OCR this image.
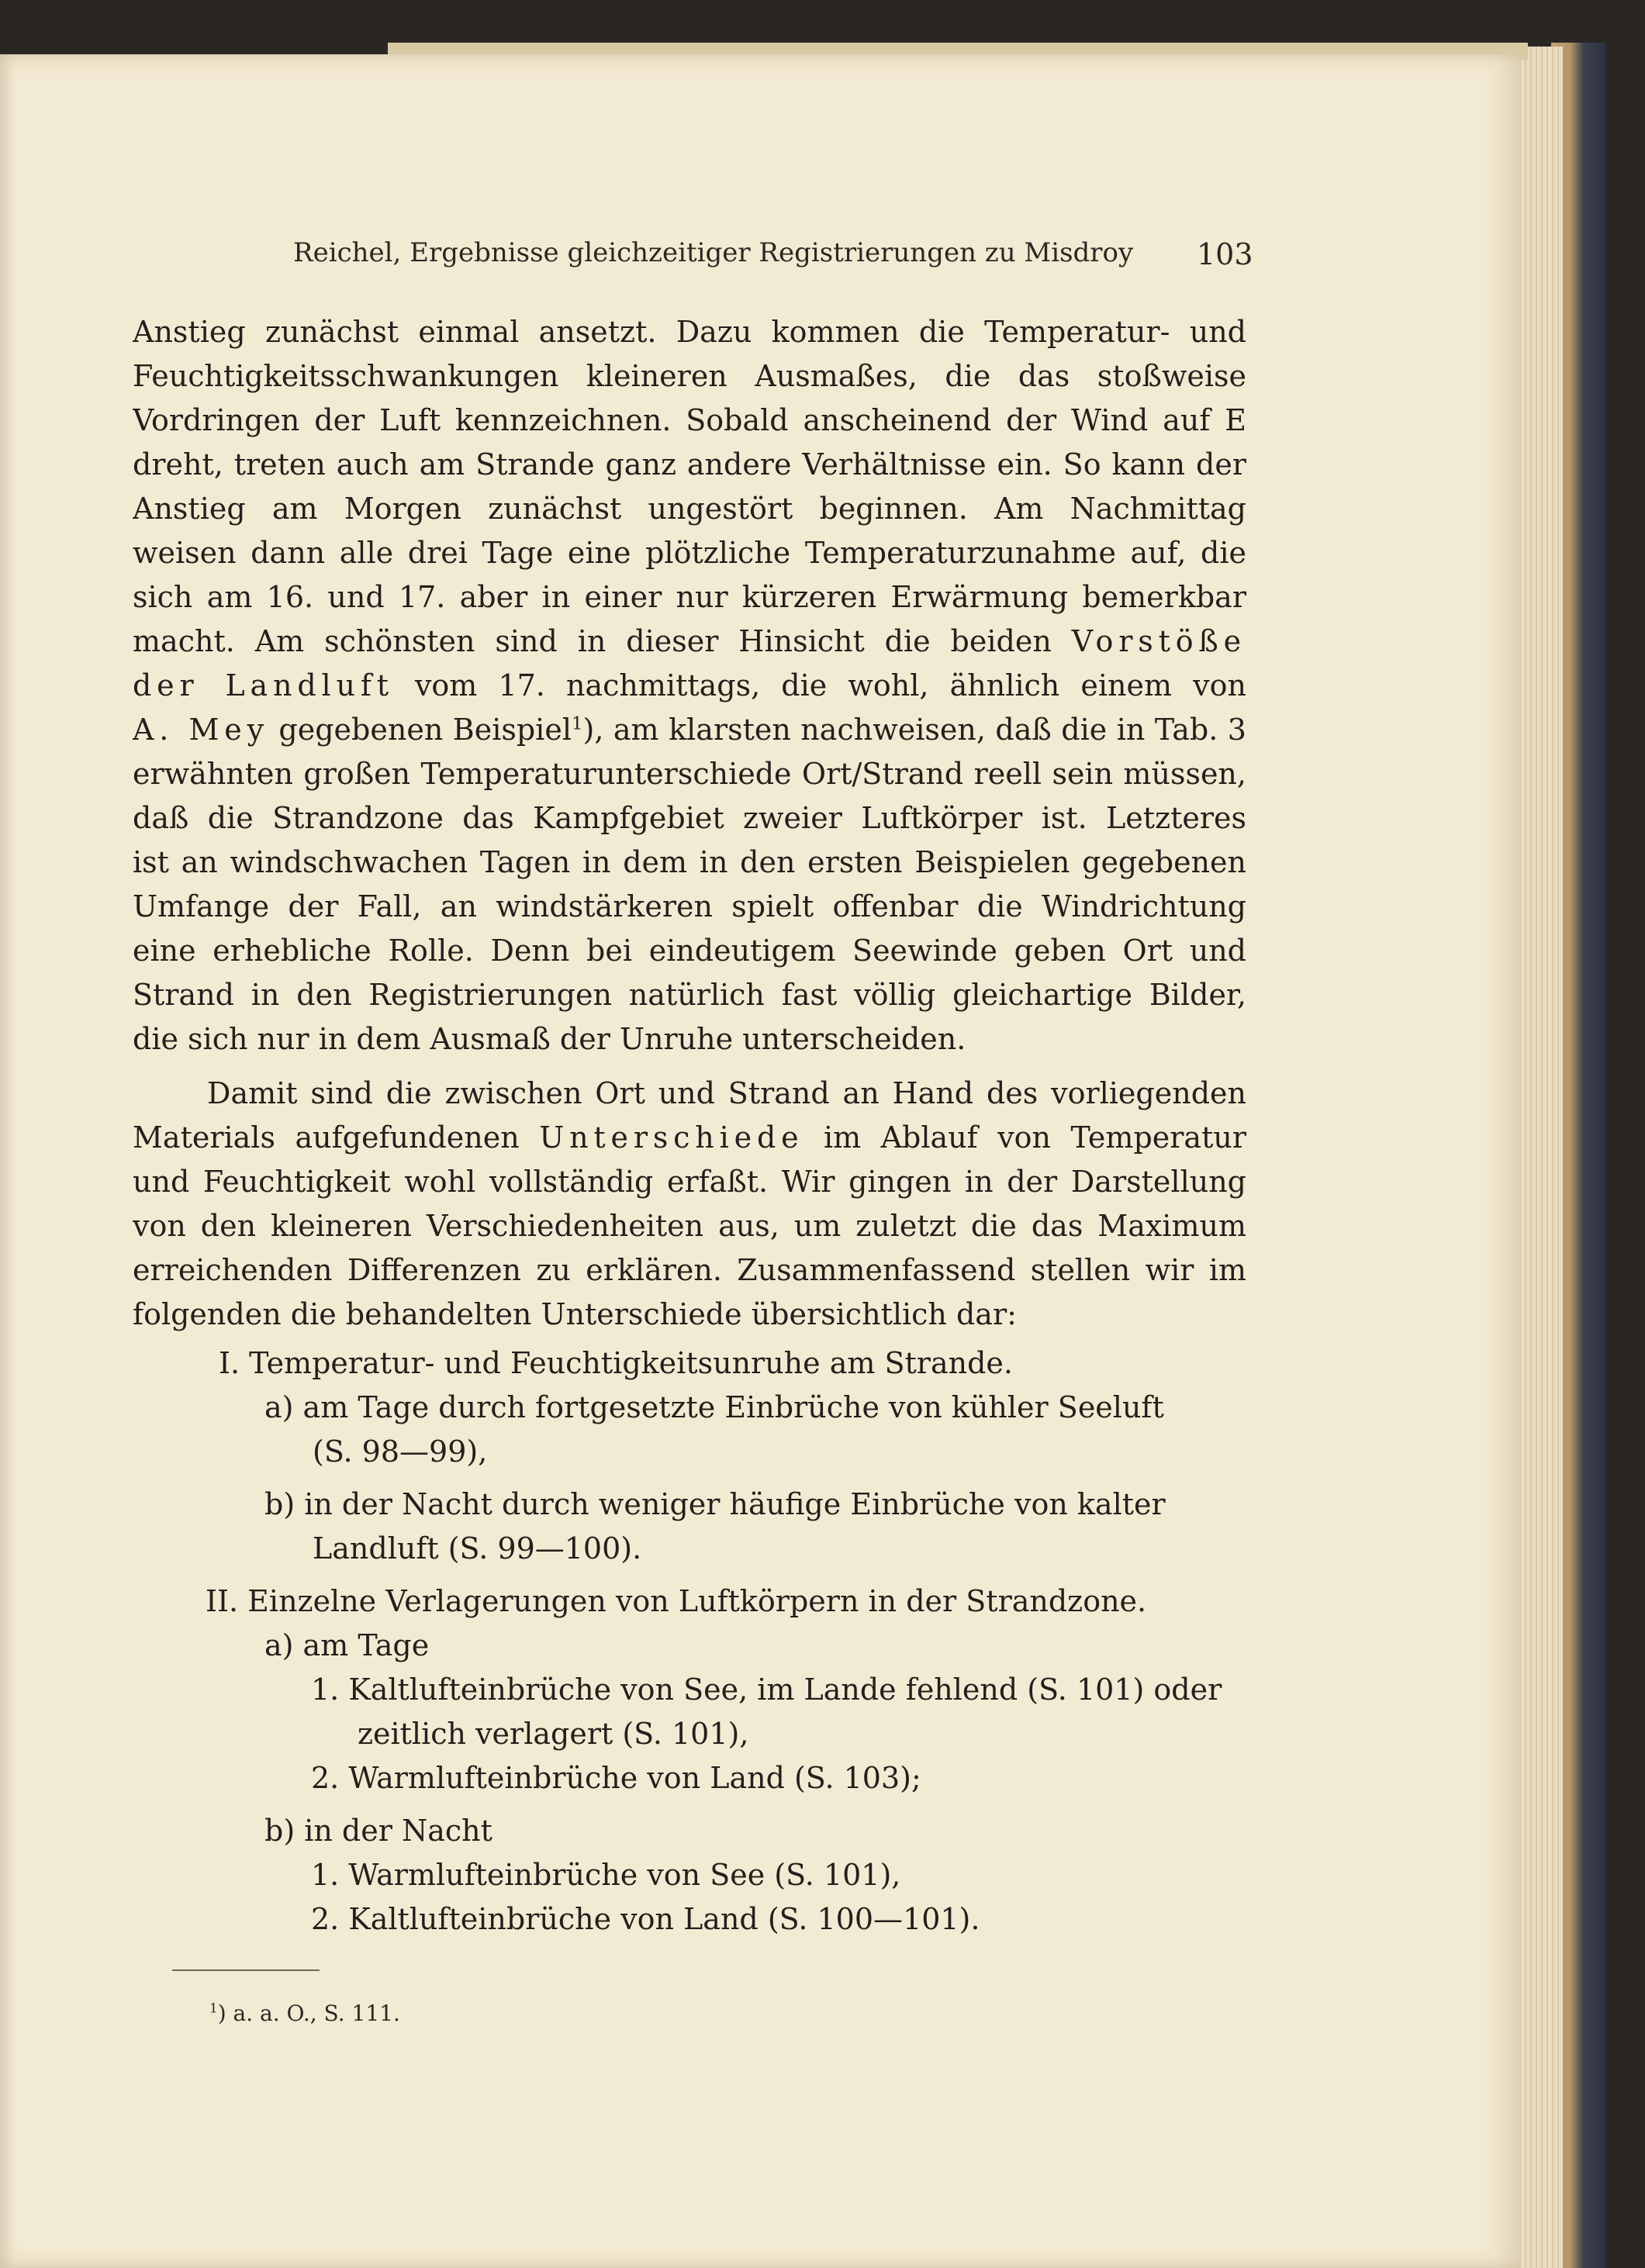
Reichel, Ergebnisse gleichzeitiger Registrierungen zu Misdroy 103
Anstieg zunächst einmal ansetzt. Dazu kommen die Temperatur- und
Feuchtigkeitsschwankungen kleineren Ausmaßes, die das stoßweise
Vordringen der Luft kennzeichnen. Sobald anscheinend der Wind auf E
dreht, treten auch am Strande ganz andere Verhältnisse ein. So kann der
Anstieg am Morgen zunächst ungestört beginnen. Am Nachmittag
weisen dann alle drei Tage eine plötzliche Temperaturzunahme auf, die
sich am 16. und 17. aber in einer nur kürzeren Erwärmung bemerkbar
macht. Am schönsten sind in dieser Hinsicht die beiden Vorstöße
der Landluft vom 17. nachmittags, die wohl, ähnlich einem von
A. Mey gegebenen Beispiel$^1$), am klarsten nachweisen, daß die in Tab. 3
erwähnten großen Temperaturunterschiede Ort/Strand reell sein müssen,
daß die Strandzone das Kampfgebiet zweier Luftkörper ist. Letzteres
ist an windschwachen Tagen in dem in den ersten Beispielen gegebenen
Umfange der Fall, an windstärkeren spielt offenbar die Windrichtung
eine erhebliche Rolle. Denn bei eindeutigem Seewinde geben Ort und
Strand in den Registrierungen natürlich fast völlig gleichartige Bilder,
die sich nur in dem Ausmaß der Unruhe unterscheiden.
Damit sind die zwischen Ort und Strand an Hand des vorliegenden
Materials aufgefundenen Unterschiede im Ablauf von Temperatur
und Feuchtigkeit wohl vollständig erfaßt. Wir gingen in der Darstellung
von den kleineren Verschiedenheiten aus, um zuletzt die das Maximum
erreichenden Differenzen zu erklären. Zusammenfassend stellen wir im
folgenden die behandelten Unterschiede übersichtlich dar:
I. Temperatur- und Feuchtigkeitsunruhe am Strande.
a) am Tage durch fortgesetzte Einbrüche von kühler Seeluft
(S. 98—99),
b) in der Nacht durch weniger häufige Einbrüche von kalter
Landluft (S. 99—100).
II. Einzelne Verlagerungen von Luftkörpern in der Strandzone.
a) am Tage
1. Kaltlufteinbrüche von See, im Lande fehlend (S. 101) oder
zeitlich verlagert (S. 101),
2. Warmlufteinbrüche von Land (S. 103);
b) in der Nacht
1. Warmlufteinbrüche von See (S. 101),
2. Kaltlufteinbrüche von Land (S. 100—101).
$^1$) a. a. O., S. 111.
